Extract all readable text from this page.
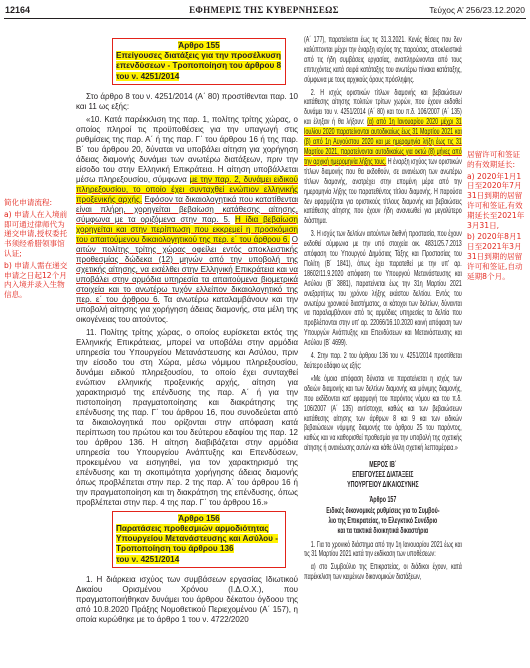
12164	ΕΦΗΜΕΡΙΣ ΤΗΣ ΚΥΒΕΡΝΗΣΕΩΣ	Τεύχος Α’ 256/23.12.2020
简化申请流程:
a) 申请人在入境前即可通过律师代为递交申请,授权委托书须经希腊领事馆认证;
b) 申请人需在递交申请之日起12个月内入境并录入生物信息。
居留许可和签证的有效期延长:
a) 2020年1月1日至2020年7月31日到期的居留许可和签证,有效期延长至2021年3月31日,
b) 2020年8月1日至2021年3月31日到期的居留许可和签证,自动延期8个月。
Άρθρο 155
Επείγουσες διατάξεις για την προσέλκυση
επενδύσεων - Τροποποίηση του άρθρου 8
του ν. 4251/2014

Στο άρθρο 8 του ν. 4251/2014 (Α΄ 80) προστίθενται παρ. 10 και 11 ως εξής:

«10. Κατά παρέκκλιση της παρ. 1, πολίτης τρίτης χώρας, ο οποίος πληροί τις προϋποθέσεις για την υπαγωγή στις ρυθμίσεις της παρ. Α΄ ή της παρ. Γ΄ του άρθρου 16 ή της παρ. Β΄ του άρθρου 20, δύναται να υποβάλει αίτηση για χορήγηση άδειας διαμονής δυνάμει των ανωτέρω διατάξεων, πριν την είσοδο του στην Ελληνική Επικράτεια. Η αίτηση υποβάλλεται μέσω πληρεξουσίου, σύμφωνα με την παρ. 2, δυνάμει ειδικού πληρεξουσίου, το οποίο έχει συνταχθεί ενώπιον ελληνικής προξενικής αρχής. Εφόσον τα δικαιολογητικά που κατατίθενται είναι πλήρη, χορηγείται βεβαίωση κατάθεσης αίτησης, σύμφωνα με τα οριζόμενα στην παρ. 5. Η ίδια βεβαίωση χορηγείται και στην περίπτωση που εκκρεμεί η προσκόμιση του απαιτούμενου δικαιολογητικού της περ. ε΄ του άρθρου 6. Ο αιτών πολίτης τρίτης χώρας οφείλει εντός αποκλειστικής προθεσμίας δώδεκα (12) μηνών από την υποβολή της σχετικής αίτησης, να εισέλθει στην Ελληνική Επικράτεια και να υποβάλει στην αρμόδια υπηρεσία τα απαιτούμενα βιομετρικά στοιχεία και το ανωτέρω τυχόν ελλείπον δικαιολογητικό της περ. ε΄ του άρθρου 6. Τα ανωτέρω καταλαμβάνουν και την υποβολή αίτησης για χορήγηση άδειας διαμονής, στα μέλη της οικογένειας του αιτούντος.

11. Πολίτης τρίτης χώρας, ο οποίος ευρίσκεται εκτός της Ελληνικής Επικράτειας, μπορεί να υποβάλει στην αρμόδια υπηρεσία του Υπουργείου Μετανάστευσης και Ασύλου, πριν την είσοδο του στη Χώρα, μέσω νόμιμου πληρεξουσίου, δυνάμει ειδικού πληρεξουσίου, το οποίο έχει συνταχθεί ενώπιον ελληνικής προξενικής αρχής, αίτηση για χαρακτηρισμό της επένδυσης της παρ. Α΄ ή για την πιστοποίηση πραγματοποίησης και διακράτησης της επένδυσης της παρ. Γ΄ του άρθρου 16, που συνοδεύεται από τα δικαιολογητικά που ορίζονται στην απόφαση κατά περίπτωση του πρώτου και του δεύτερου εδαφίου της παρ. 12 του άρθρου 136. Η αίτηση διαβιβάζεται στην αρμόδια υπηρεσία του Υπουργείου Ανάπτυξης και Επενδύσεων, προκειμένου να εισηγηθεί, για τον χαρακτηρισμό της επένδυσης και τη σκοπιμότητα χορήγησης άδειας διαμονής όπως προβλέπεται στην περ. 2 της παρ. Α΄ του άρθρου 16 ή την πραγματοποίηση και τη διακράτηση της επένδυσης, όπως προβλέπεται στην περ. 4 της παρ. Γ΄ του άρθρου 16.»

Άρθρο 156
Παρατάσεις προθεσμιών αρμοδιότητας
Υπουργείου Μετανάστευσης και Ασύλου -
Τροποποίηση του άρθρου 136
του ν. 4251/2014

1. Η διάρκεια ισχύος των συμβάσεων εργασίας Ιδιωτικού Δικαίου Ορισμένου Χρόνου (Ι.Δ.Ο.Χ.), που πραγματοποιήθηκαν δυνάμει του άρθρου δέκατου όγδοου της από 10.8.2020 Πράξης Νομοθετικού Περιεχομένου (Α΄ 157), η οποία κυρώθηκε με το άρθρο 1 του ν. 4722/2020

(Α΄ 177), παρατείνεται έως τις 31.3.2021. Κενές θέσεις που δεν καλύπτονται μέχρι την έναρξη ισχύος της παρούσας, αποκλειστικά από τις ήδη συμβάσεις εργασίας, αναπληρώνονται από τους επιτυχόντες κατά σειρά κατάταξης του ανωτέρω πίνακα κατάταξης, σύμφωνα με τους αρχικούς όρους πρόσληψης.

2. Η ισχύς οριστικών τίτλων διαμονής και βεβαιώσεων κατάθεσης αίτησης πολιτών τρίτων χωρών, που έχουν εκδοθεί δυνάμει του ν. 4251/2014 (Α΄ 80) και του π.δ. 106/2007 (Α΄ 135) και έληξαν ή θα λήξουν: (α) από 1η Ιανουαρίου 2020 μέχρι 31 Ιουλίου 2020 παρατείνονται αυτοδικαίως έως 31 Μαρτίου 2021 και (β) από 1η Αυγούστου 2020 και με ημερομηνία λήξη έως τις 31 Μαρτίου 2021, παρατείνονται αυτοδικαίως για οκτώ (8) μήνες από την αρχική ημερομηνία λήξης τους. Η έναρξη ισχύος των οριστικών τίτλων διαμονής που θα εκδοθούν, σε ανανέωση των ανωτέρω τίτλων διαμονής, ανατρέχει στην επομένη μέρα από την ημερομηνία λήξης του παρατεθέντος τίτλου διαμονής. Η παρούσα δεν εφαρμόζεται για οριστικούς τίτλους διαμονής και βεβαιώσεις κατάθεσης αίτησης που έχουν ήδη ανανεωθεί για μεγαλύτερο διάστημα.

3. Η ισχύς των δελτίων αιτούντων διεθνή προστασία, που έχουν εκδοθεί σύμφωνα με την υπό στοιχεία οικ. 4831/25.7.2013 απόφαση του Υπουργού Δημόσιας Τάξης και Προστασίας του Πολίτη (Β΄ 1841), όπως έχει παρατεθεί με την υπ' αρ. 18602/11.9.2020 απόφαση του Υπουργού Μετανάστευσης και Ασύλου (Β΄ 3881), παρατείνεται έως την 31η Μαρτίου 2021 ανεξαρτήτως του χρόνου λήξης εκάστου δελτίου. Εντός του ανωτέρω χρονικού διαστήματος, οι κάτοχοι των δελτίων, δύνανται να παραλαμβάνουν από τις αρμόδιες υπηρεσίες τα δελτία που προβλέπονται στην υπ' αρ. 22066/16.10.2020 κοινή απόφαση των Υπουργών Ανάπτυξης και Επενδύσεων και Μετανάστευσης και Ασύλου (Β΄ 4699).

4. Στην παρ. 2 του άρθρου 136 του ν. 4251/2014 προστίθεται δεύτερο εδάφιο ως εξής:

«Με όμοια απόφαση δύναται να παρατείνεται η ισχύς των αδειών διαμονής και των δελτίων διαμονής και μόνιμης διαμονής, που εκδίδονται κατ' εφαρμογή του παρόντος νόμου και του π.δ. 106/2007 (Α΄ 135) αντίστοιχα, καθώς και των βεβαιώσεων κατάθεσης αίτησης των άρθρων 8 και 9 και των ειδικών βεβαιώσεων νόμιμης διαμονής του άρθρου 25 του παρόντος, καθώς και να καθορισθεί προθεσμία για την υποβολή της σχετικής αίτησης ή ανανέωσης αυτών και κάθε άλλη σχετική λεπτομέρεια.»

ΜΕΡΟΣ ΙΒ΄
ΕΠΕΙΓΟΥΣΕΣ ΔΙΑΤΑΞΕΙΣ
ΥΠΟΥΡΓΕΙΟΥ ΔΙΚΑΙΟΣΥΝΗΣ
Άρθρο 157
Ειδικές δικονομικές ρυθμίσεις για το Συμβού-
λιο της Επικρατείας, το Ελεγκτικό Συνέδριο
και τα τακτικά διοικητικά δικαστήρια

1. Για το χρονικό διάστημα από την 1η Ιανουαρίου 2021 έως και τις 31 Μαρτίου 2021 κατά την εκδίκαση των υποθέσεων:

α) στο Συμβούλιο της Επικρατείας, οι διάδικοι έχουν, κατά παρέκκλιση των κειμένων δικονομικών διατάξεων,
